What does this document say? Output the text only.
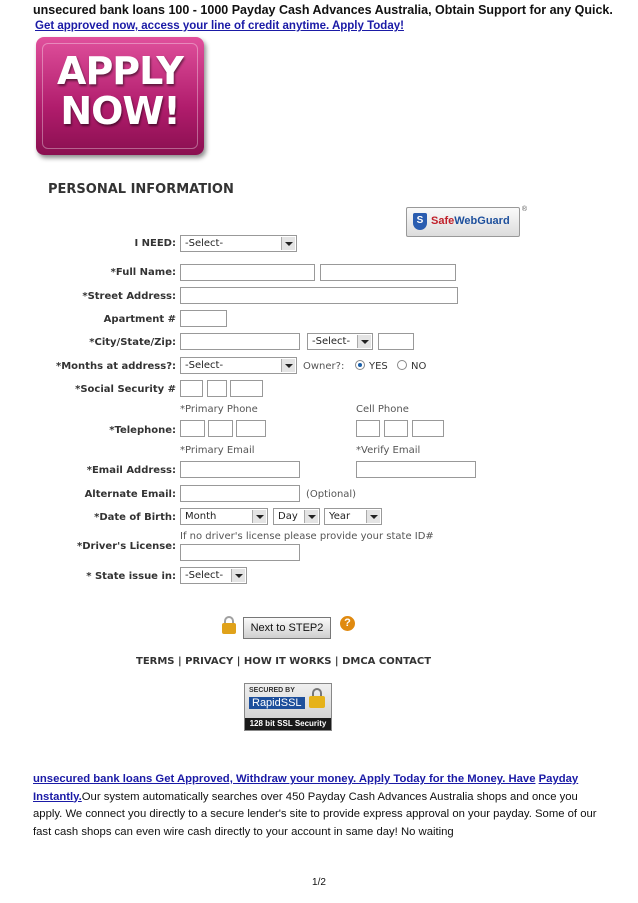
unsecured bank loans 100 - 1000 Payday Cash Advances Australia, Obtain Support for any Quick.
Get approved now, access your line of credit anytime. Apply Today!
APPLY
NOW!
PERSONAL INFORMATION
S SafeWebGuard
®
I NEED: -Select-
*Full Name:
*Street Address:
Apartment #
*City/State/Zip:	-Select-
*Months at address?: -Select-	Owner?: YES NO
*Social Security #
*Primary Phone	Cell Phone
*Telephone:
*Primary Email	*Verify Email
*Email Address:
Alternate Email:	(Optional)
*Date of Birth: Month	Day	Year
If no driver's license please provide your state ID#
*Driver's License:
* State issue in: -Select-
Next to STEP2	?
TERMS | PRIVACY | HOW IT WORKS | DMCA CONTACT
SECURED BY
RapidSSL
128 bit SSL Security
unsecured bank loans Get Approved, Withdraw your money. Apply Today for the Money. Have Payday Instantly.Our system automatically searches over 450 Payday Cash Advances Australia shops and once you apply. We connect you directly to a secure lender's site to provide express approval on your payday. Some of our fast cash shops can even wire cash directly to your account in same day! No waiting
1/2
